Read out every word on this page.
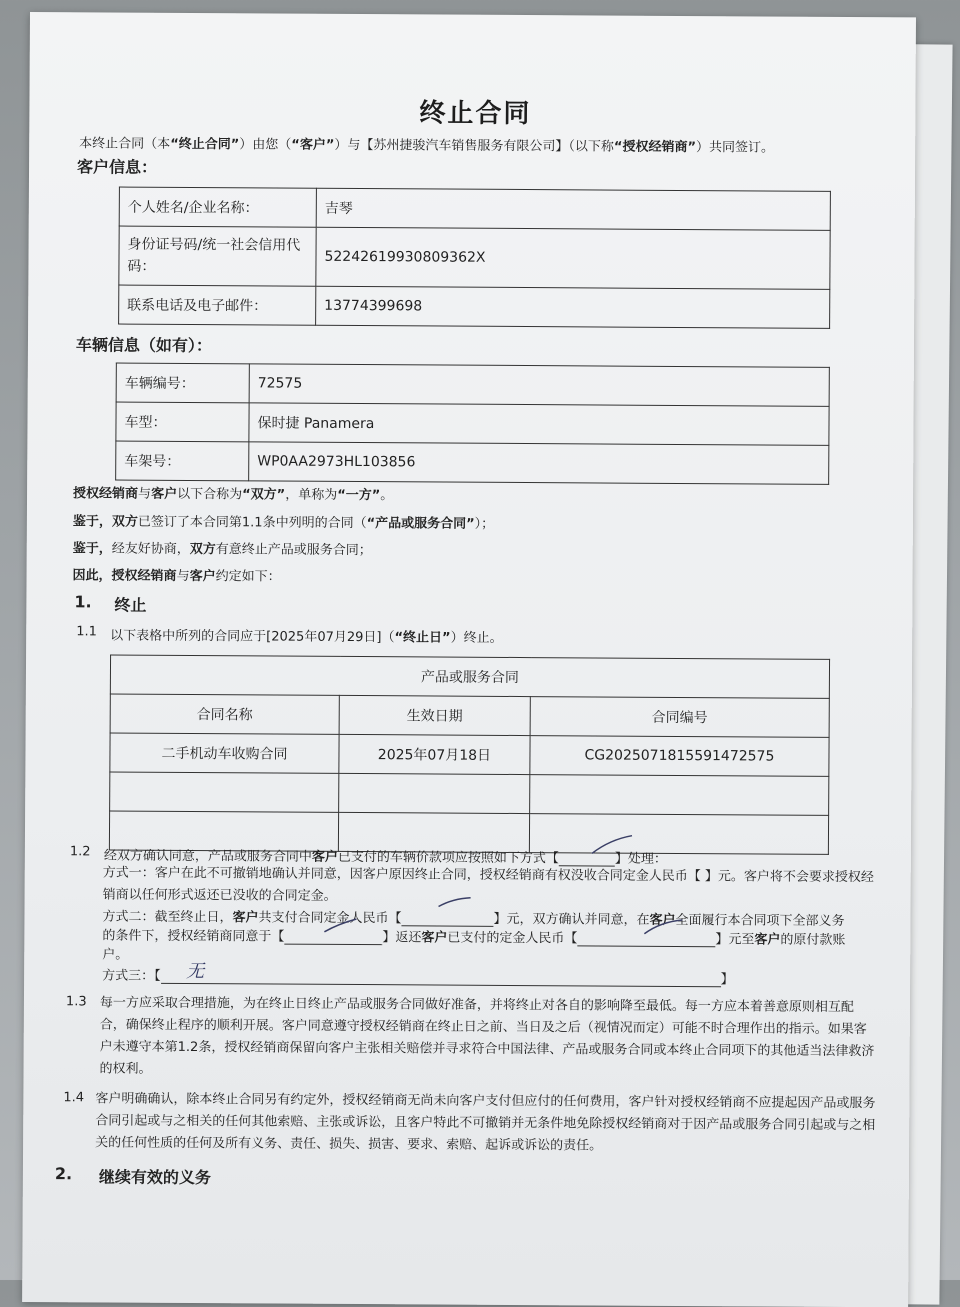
终止合同
本终止合同（本“终止合同”）由您（“客户”）与【苏州捷骏汽车销售服务有限公司】（以下称“授权经销商”）共同签订。
客户信息：
个人姓名/企业名称：	吉琴
身份证号码/统一社会信用代码：	52242619930809362X
联系电话及电子邮件：	13774399698
车辆信息（如有）：
车辆编号：	72575
车型：	保时捷 Panamera
车架号：	WP0AA2973HL103856
授权经销商与客户以下合称为“双方”，单称为“一方”。
鉴于，双方已签订了本合同第1.1条中列明的合同（“产品或服务合同”）；
鉴于，经友好协商，双方有意终止产品或服务合同；
因此，授权经销商与客户约定如下：
1. 终止
1.1 以下表格中所列的合同应于[2025年07月29日]（“终止日”）终止。
产品或服务合同		
合同名称	生效日期	合同编号
二手机动车收购合同	2025年07月18日	CG2025071815591472575

1.2 经双方确认同意，产品或服务合同中客户已支付的车辆价款项应按照如下方式【	】处理：
方式一：客户在此不可撤销地确认并同意，因客户原因终止合同，授权经销商有权没收合同定金人民币【 】元。客户将不会要求授权经销商以任何形式返还已没收的合同定金。
方式二：截至终止日，客户共支付合同定金人民币【	】元，双方确认并同意，在客户全面履行本合同项下全部义务
的条件下，授权经销商同意于【	】返还客户已支付的定金人民币【	】元至客户的原付款账
户。
方式三：【	】
1.3 每一方应采取合理措施，为在终止日终止产品或服务合同做好准备，并将终止对各自的影响降至最低。每一方应本着善意原则相互配合，确保终止程序的顺利开展。客户同意遵守授权经销商在终止日之前、当日及之后（视情况而定）可能不时合理作出的指示。如果客户未遵守本第1.2条，授权经销商保留向客户主张相关赔偿并寻求符合中国法律、产品或服务合同或本终止合同项下的其他适当法律救济的权利。
1.4 客户明确确认，除本终止合同另有约定外，授权经销商无尚未向客户支付但应付的任何费用，客户针对授权经销商不应提起因产品或服务合同引起或与之相关的任何其他索赔、主张或诉讼，且客户特此不可撤销并无条件地免除授权经销商对于因产品或服务合同引起或与之相关的任何性质的任何及所有义务、责任、损失、损害、要求、索赔、起诉或诉讼的责任。
2. 继续有效的义务
无
